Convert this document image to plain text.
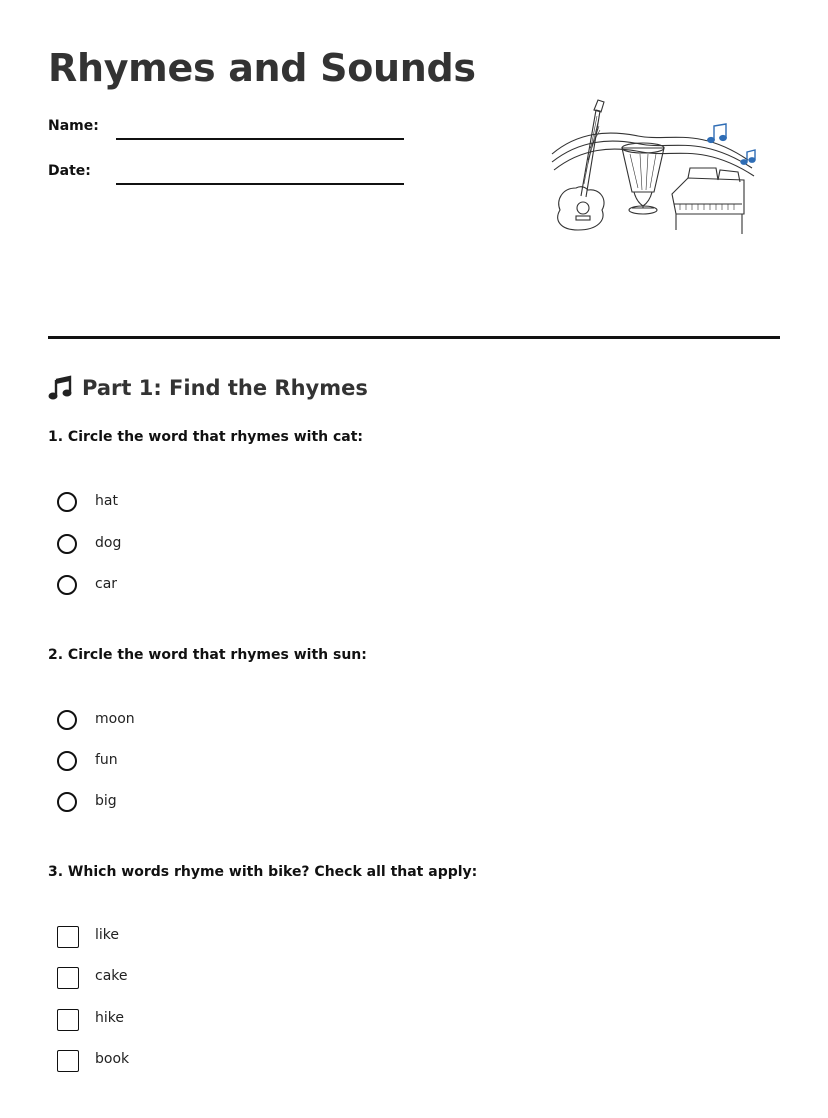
Rhymes and Sounds
Name:
Date:
Part 1: Find the Rhymes

1. Circle the word that rhymes with cat:

hat
dog
car

2. Circle the word that rhymes with sun:

moon
fun
big

3. Which words rhyme with bike? Check all that apply:

like
cake
hike
book
